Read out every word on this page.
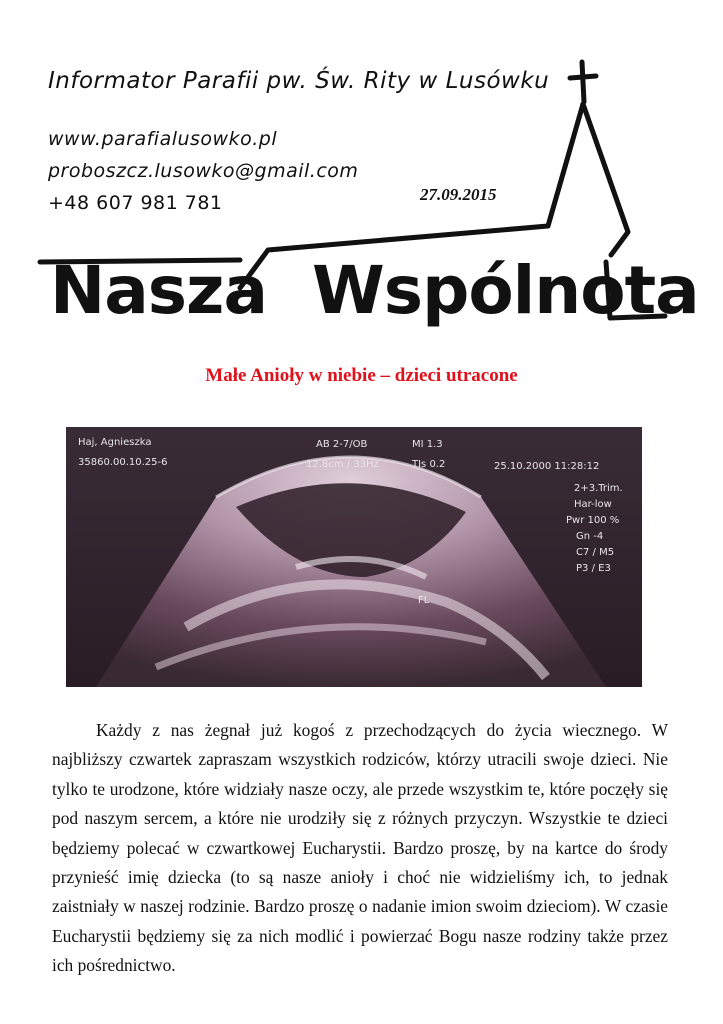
Informator Parafii pw. Św. Rity w Lusówku
www.parafialusowko.pl
proboszcz.lusowko@gmail.com
+48 607 981 781	27.09.2015
Nasza Wspólnota
Małe Anioły w niebie – dzieci utracone
Haj, Agnieszka
35860.00.10.25-6
AB 2-7/OB
12.8cm / 33Hz
MI 1.3
TIs 0.2	25.10.2000 11:28:12
2+3.Trim.
Har-low
Pwr 100 %
Gn -4
C7 / M5
P3 / E3
FL

Każdy z nas żegnał już kogoś z przechodzących do życia wiecznego. W najbliższy czwartek zapraszam wszystkich rodziców, którzy utracili swoje dzieci. Nie tylko te urodzone, które widziały nasze oczy, ale przede wszystkim te, które poczęły się pod naszym sercem, a które nie urodziły się z różnych przyczyn. Wszystkie te dzieci będziemy polecać w czwartkowej Eucharystii. Bardzo proszę, by na kartce do środy przynieść imię dziecka (to są nasze anioły i choć nie widzieliśmy ich, to jednak zaistniały w naszej rodzinie. Bardzo proszę o nadanie imion swoim dzieciom). W czasie Eucharystii będziemy się za nich modlić i powierzać Bogu nasze rodziny także przez ich pośrednictwo.
